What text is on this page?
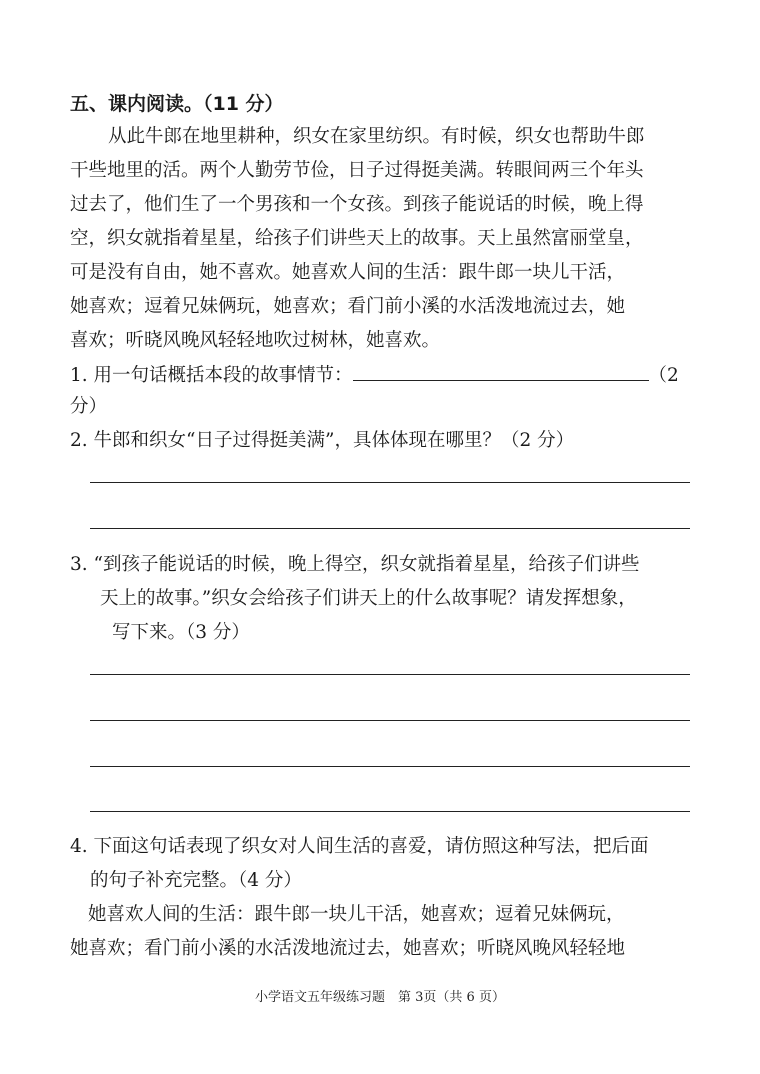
五、课内阅读。（11 分）
从此牛郎在地里耕种，织女在家里纺织。有时候，织女也帮助牛郎
干些地里的活。两个人勤劳节俭，日子过得挺美满。转眼间两三个年头
过去了，他们生了一个男孩和一个女孩。到孩子能说话的时候，晚上得
空，织女就指着星星，给孩子们讲些天上的故事。天上虽然富丽堂皇，
可是没有自由，她不喜欢。她喜欢人间的生活：跟牛郎一块儿干活，
她喜欢；逗着兄妹俩玩，她喜欢；看门前小溪的水活泼地流过去，她
喜欢；听晓风晚风轻轻地吹过树林，她喜欢。
1. 用一句话概括本段的故事情节：	（2
分）
2. 牛郎和织女“日子过得挺美满”，具体体现在哪里？（2 分）
3. “到孩子能说话的时候，晚上得空，织女就指着星星，给孩子们讲些
天上的故事。”织女会给孩子们讲天上的什么故事呢？请发挥想象，
写下来。（3 分）
4. 下面这句话表现了织女对人间生活的喜爱，请仿照这种写法，把后面
的句子补充完整。（4 分）
她喜欢人间的生活：跟牛郎一块儿干活，她喜欢；逗着兄妹俩玩，
她喜欢；看门前小溪的水活泼地流过去，她喜欢；听晓风晚风轻轻地
小学语文五年级练习题　第 3页（共 6 页）
